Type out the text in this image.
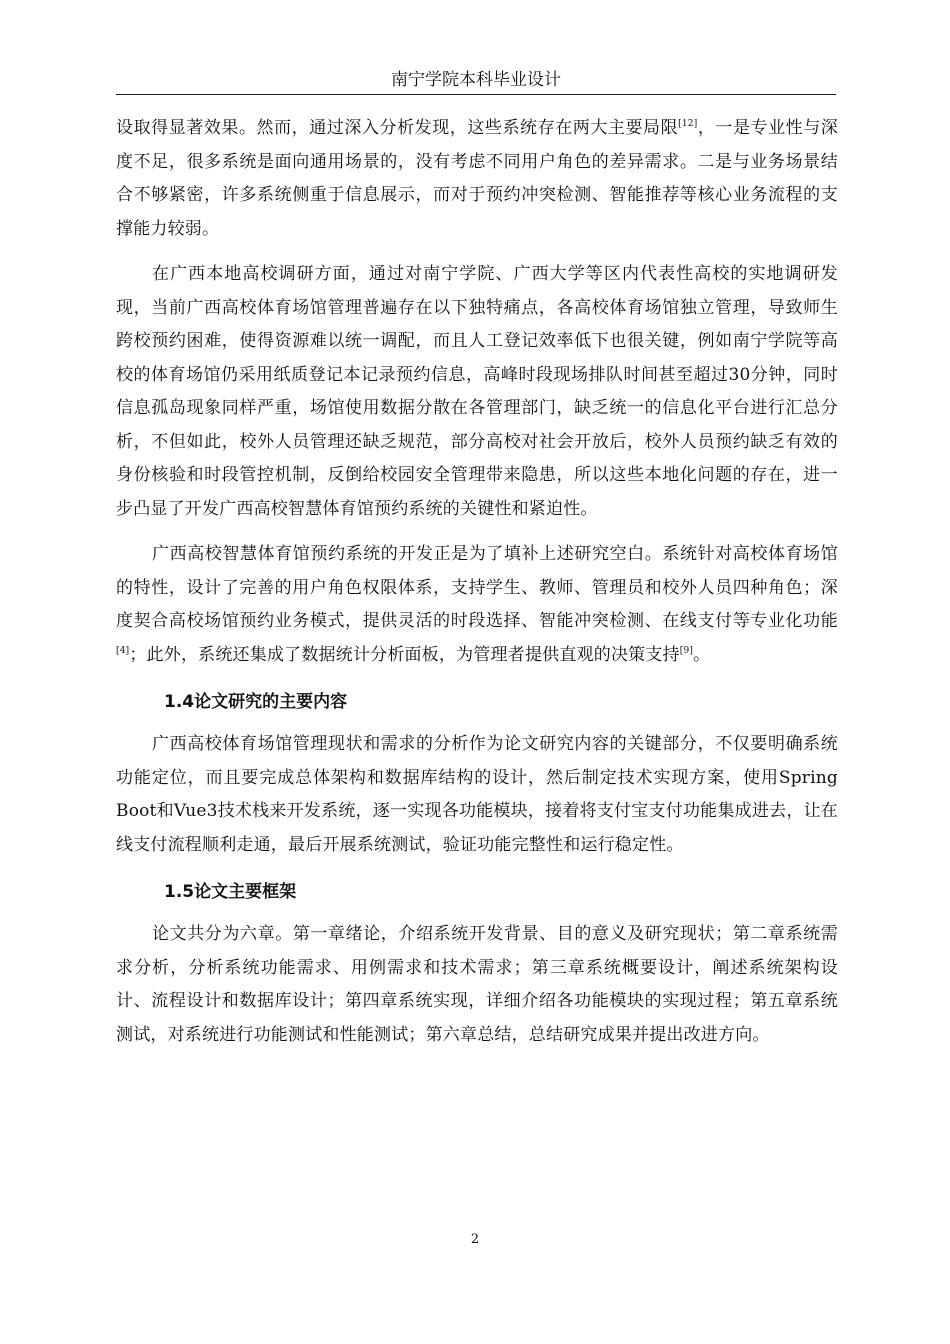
南宁学院本科毕业设计

设取得显著效果。然而，通过深入分析发现，这些系统存在两大主要局限[12]，一是专业性与深度不足，很多系统是面向通用场景的，没有考虑不同用户角色的差异需求。二是与业务场景结合不够紧密，许多系统侧重于信息展示，而对于预约冲突检测、智能推荐等核心业务流程的支撑能力较弱。

在广西本地高校调研方面，通过对南宁学院、广西大学等区内代表性高校的实地调研发现，当前广西高校体育场馆管理普遍存在以下独特痛点，各高校体育场馆独立管理，导致师生跨校预约困难，使得资源难以统一调配，而且人工登记效率低下也很关键，例如南宁学院等高校的体育场馆仍采用纸质登记本记录预约信息，高峰时段现场排队时间甚至超过30分钟，同时信息孤岛现象同样严重，场馆使用数据分散在各管理部门，缺乏统一的信息化平台进行汇总分析，不但如此，校外人员管理还缺乏规范，部分高校对社会开放后，校外人员预约缺乏有效的身份核验和时段管控机制，反倒给校园安全管理带来隐患，所以这些本地化问题的存在，进一步凸显了开发广西高校智慧体育馆预约系统的关键性和紧迫性。

广西高校智慧体育馆预约系统的开发正是为了填补上述研究空白。系统针对高校体育场馆的特性，设计了完善的用户角色权限体系，支持学生、教师、管理员和校外人员四种角色；深度契合高校场馆预约业务模式，提供灵活的时段选择、智能冲突检测、在线支付等专业化功能[4]；此外，系统还集成了数据统计分析面板，为管理者提供直观的决策支持[9]。

1.4论文研究的主要内容

广西高校体育场馆管理现状和需求的分析作为论文研究内容的关键部分，不仅要明确系统功能定位，而且要完成总体架构和数据库结构的设计，然后制定技术实现方案，使用Spring Boot和Vue3技术栈来开发系统，逐一实现各功能模块，接着将支付宝支付功能集成进去，让在线支付流程顺利走通，最后开展系统测试，验证功能完整性和运行稳定性。

1.5论文主要框架

论文共分为六章。第一章绪论，介绍系统开发背景、目的意义及研究现状；第二章系统需求分析，分析系统功能需求、用例需求和技术需求；第三章系统概要设计，阐述系统架构设计、流程设计和数据库设计；第四章系统实现，详细介绍各功能模块的实现过程；第五章系统测试，对系统进行功能测试和性能测试；第六章总结，总结研究成果并提出改进方向。

2
